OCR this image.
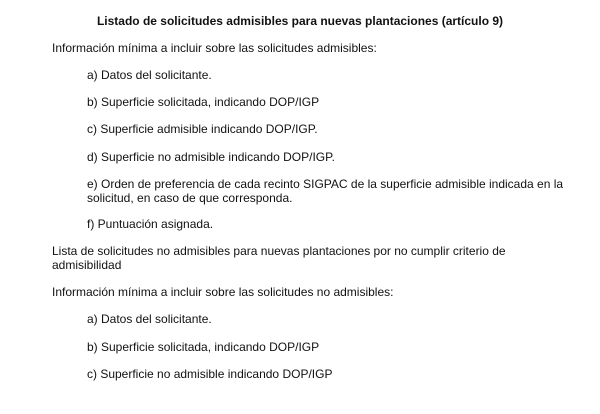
Listado de solicitudes admisibles para nuevas plantaciones (artículo 9)
Información mínima a incluir sobre las solicitudes admisibles:
a) Datos del solicitante.
b) Superficie solicitada, indicando DOP/IGP
c) Superficie admisible indicando DOP/IGP.
d) Superficie no admisible indicando DOP/IGP.
e) Orden de preferencia de cada recinto SIGPAC de la superficie admisible indicada en la solicitud, en caso de que corresponda.
f) Puntuación asignada.
Lista de solicitudes no admisibles para nuevas plantaciones por no cumplir criterio de admisibilidad
Información mínima a incluir sobre las solicitudes no admisibles:
a) Datos del solicitante.
b) Superficie solicitada, indicando DOP/IGP
c) Superficie no admisible indicando DOP/IGP
